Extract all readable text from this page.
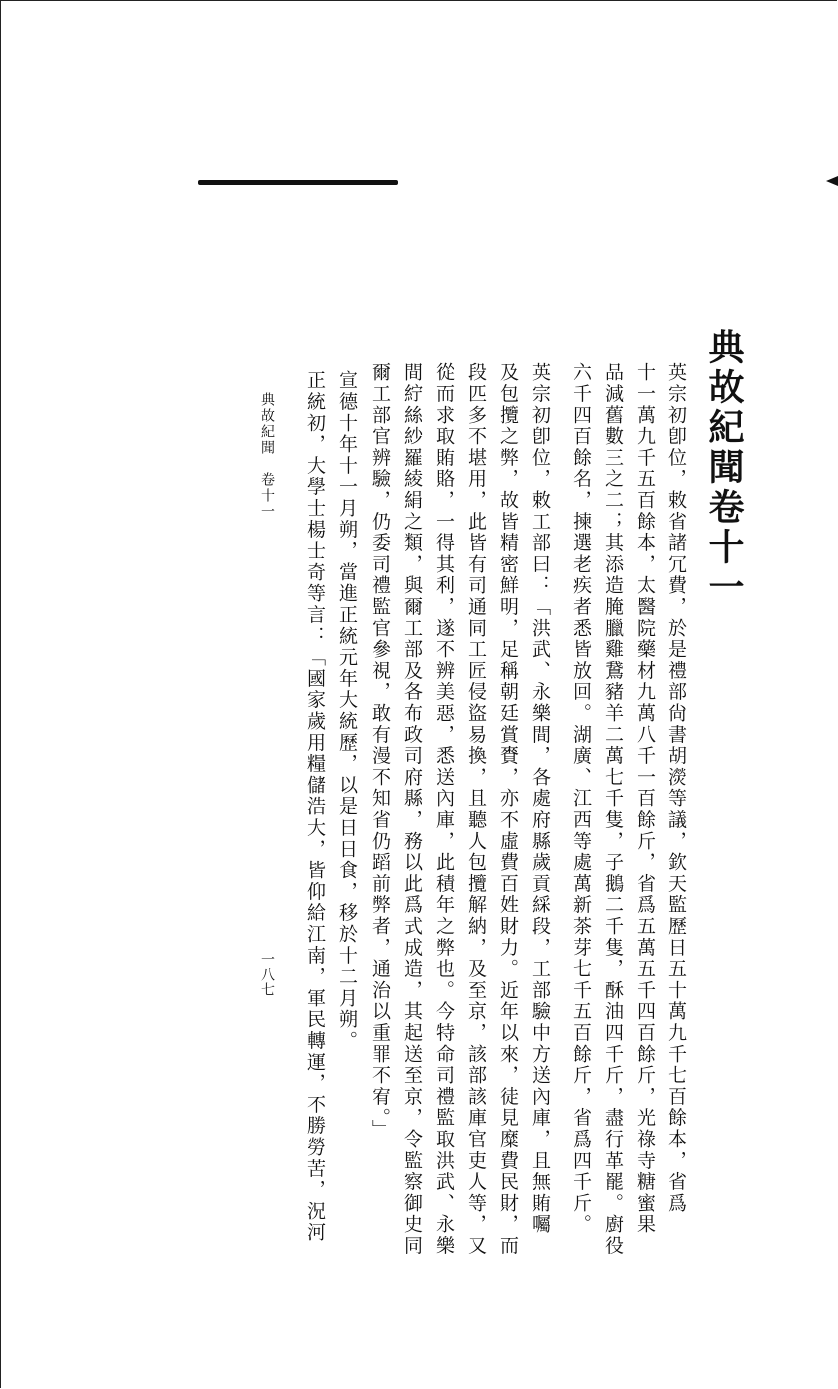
典故紀聞卷十一
英宗初卽位，敕省諸冗費，於是禮部尙書胡濙等議，欽天監歷日五十萬九千七百餘本，省爲
十一萬九千五百餘本，太醫院藥材九萬八千一百餘斤，省爲五萬五千四百餘斤，光祿寺糖蜜果
品減舊數三之二；其添造腌臘雞鵞豬羊二萬七千隻，子鵝二千隻，酥油四千斤，盡行革罷。廚役
六千四百餘名，揀選老疾者悉皆放回。湖廣、江西等處萬新茶芽七千五百餘斤，省爲四千斤。
英宗初卽位，敕工部曰：「洪武、永樂間，各處府縣歲貢綵段，工部驗中方送內庫，且無賄囑
及包攬之弊，故皆精密鮮明，足稱朝廷賞賚，亦不虛費百姓財力。近年以來，徒見糜費民財，而
段匹多不堪用，此皆有司通同工匠侵盜易換，且聽人包攬解納，及至京，該部該庫官吏人等，又
從而求取賄賂，一得其利，遂不辨美惡，悉送內庫，此積年之弊也。今特命司禮監取洪武、永樂
間紵絲紗羅綾絹之類，與爾工部及各布政司府縣，務以此爲式成造，其起送至京，令監察御史同
爾工部官辨驗，仍委司禮監官參視，敢有漫不知省仍蹈前弊者，通治以重罪不宥。」
宣德十年十一月朔，當進正統元年大統歷，以是日日食，移於十二月朔。
正統初，大學士楊士奇等言：「國家歲用糧儲浩大，皆仰給江南，軍民轉運，不勝勞苦，況河
典故紀聞　卷十一
一八七
